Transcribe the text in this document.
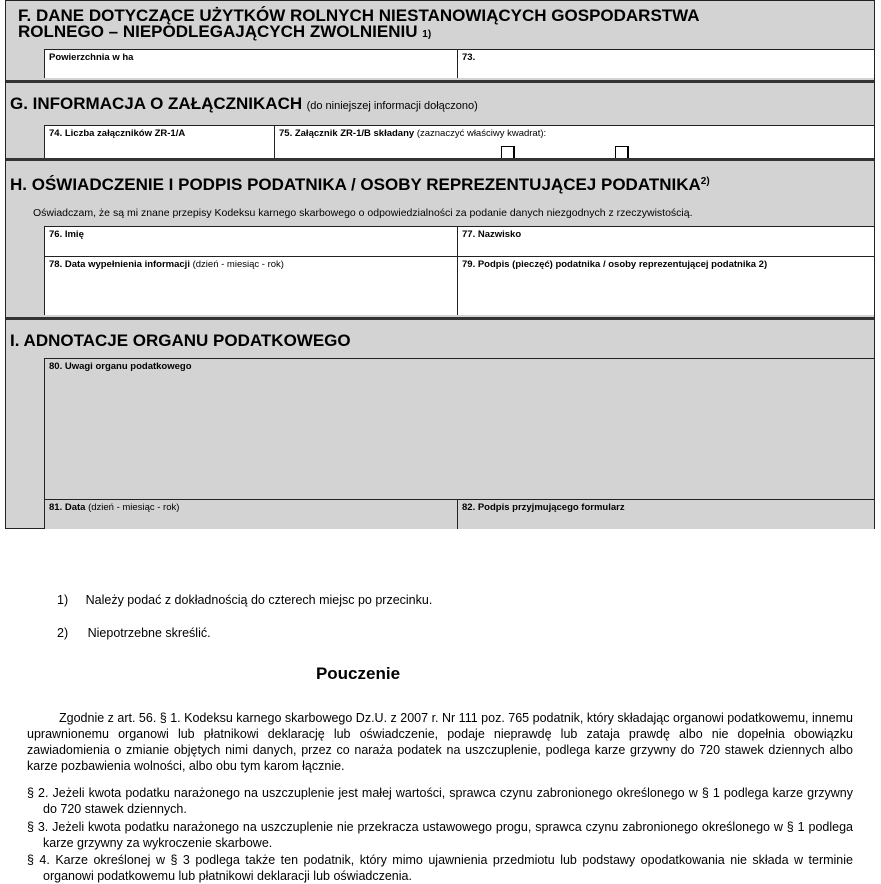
F. DANE DOTYCZĄCE UŻYTKÓW ROLNYCH NIESTANOWIĄCYCH GOSPODARSTWA
ROLNEGO – NIEPODLEGAJĄCYCH ZWOLNIENIU 1)
Powierzchnia w ha	73.
G. INFORMACJA O ZAŁĄCZNIKACH (do niniejszej informacji dołączono)
74. Liczba załączników ZR-1/A	75. Załącznik ZR-1/B składany (zaznaczyć właściwy kwadrat):
H. OŚWIADCZENIE I PODPIS PODATNIKA / OSOBY REPREZENTUJĄCEJ PODATNIKA$^{2)}$
Oświadczam, że są mi znane przepisy Kodeksu karnego skarbowego o odpowiedzialności za podanie danych niezgodnych z rzeczywistością.
76. Imię	77. Nazwisko
78. Data wypełnienia informacji (dzień - miesiąc - rok)	79. Podpis (pieczęć) podatnika / osoby reprezentującej podatnika 2)
I. ADNOTACJE ORGANU PODATKOWEGO
80. Uwagi organu podatkowego
81. Data (dzień - miesiąc - rok)	82. Podpis przyjmującego formularz
1) Należy podać z dokładnością do czterech miejsc po przecinku.
2) Niepotrzebne skreślić.
Pouczenie
Zgodnie z art. 56. § 1. Kodeksu karnego skarbowego Dz.U. z 2007 r. Nr 111 poz. 765 podatnik, który składając organowi podatkowemu, innemu uprawnionemu organowi lub płatnikowi deklarację lub oświadczenie, podaje nieprawdę lub zataja prawdę albo nie dopełnia obowiązku zawiadomienia o zmianie objętych nimi danych, przez co naraża podatek na uszczuplenie, podlega karze grzywny do 720 stawek dziennych albo karze pozbawienia wolności, albo obu tym karom łącznie.
§ 2. Jeżeli kwota podatku narażonego na uszczuplenie jest małej wartości, sprawca czynu zabronionego określonego w § 1 podlega karze grzywny do 720 stawek dziennych.
§ 3. Jeżeli kwota podatku narażonego na uszczuplenie nie przekracza ustawowego progu, sprawca czynu zabronionego określonego w § 1 podlega karze grzywny za wykroczenie skarbowe.
§ 4. Karze określonej w § 3 podlega także ten podatnik, który mimo ujawnienia przedmiotu lub podstawy opodatkowania nie składa w terminie organowi podatkowemu lub płatnikowi deklaracji lub oświadczenia.
